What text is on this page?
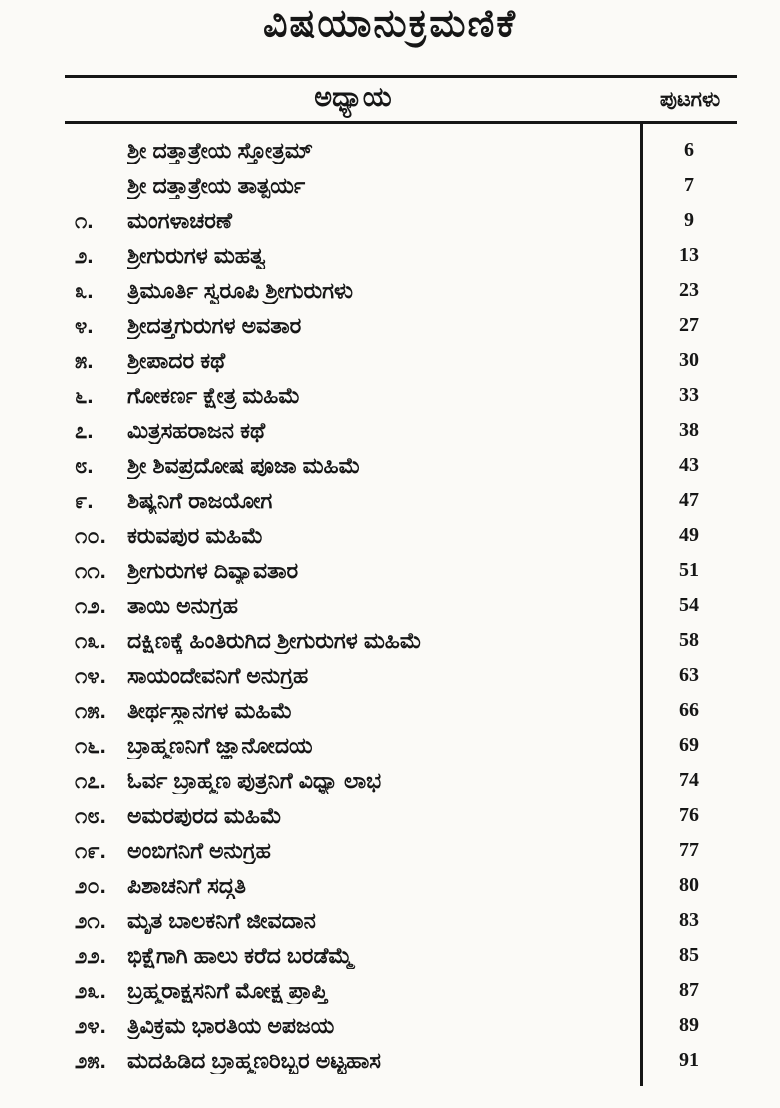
ವಿಷಯಾನುಕ್ರಮಣಿಕೆ
ಅಧ್ಯಾಯ	ಪುಟಗಳು
ಶ್ರೀ ದತ್ತಾತ್ರೇಯ ಸ್ತೋತ್ರಮ್	6
ಶ್ರೀ ದತ್ತಾತ್ರೇಯ ತಾತ್ಪರ್ಯ	7
೧.	ಮಂಗಳಾಚರಣೆ	9
೨.	ಶ್ರೀಗುರುಗಳ ಮಹತ್ವ	13
೩.	ತ್ರಿಮೂರ್ತಿ ಸ್ವರೂಪಿ ಶ್ರೀಗುರುಗಳು	23
೪.	ಶ್ರೀದತ್ತಗುರುಗಳ ಅವತಾರ	27
೫.	ಶ್ರೀಪಾದರ ಕಥೆ	30
೬.	ಗೋಕರ್ಣ ಕ್ಷೇತ್ರ ಮಹಿಮೆ	33
೭.	ಮಿತ್ರಸಹರಾಜನ ಕಥೆ	38
೮.	ಶ್ರೀ ಶಿವಪ್ರದೋಷ ಪೂಜಾ ಮಹಿಮೆ	43
೯.	ಶಿಷ್ಯನಿಗೆ ರಾಜಯೋಗ	47
೧೦. ಕರುವಪುರ ಮಹಿಮೆ	49
೧೧. ಶ್ರೀಗುರುಗಳ ದಿವ್ಯಾವತಾರ	51
೧೨. ತಾಯಿ ಅನುಗ್ರಹ	54
೧೩. ದಕ್ಷಿಣಕ್ಕೆ ಹಿಂತಿರುಗಿದ ಶ್ರೀಗುರುಗಳ ಮಹಿಮೆ	58
೧೪. ಸಾಯಂದೇವನಿಗೆ ಅನುಗ್ರಹ	63
೧೫. ತೀರ್ಥಸ್ಥಾನಗಳ ಮಹಿಮೆ	66
೧೬. ಬ್ರಾಹ್ಮಣನಿಗೆ ಜ್ಞಾನೋದಯ	69
೧೭. ಓರ್ವ ಬ್ರಾಹ್ಮಣ ಪುತ್ರನಿಗೆ ವಿಧ್ಯಾ ಲಾಭ	74
೧೮. ಅಮರಪುರದ ಮಹಿಮೆ	76
೧೯. ಅಂಬಿಗನಿಗೆ ಅನುಗ್ರಹ	77
೨೦. ಪಿಶಾಚನಿಗೆ ಸದ್ಗತಿ	80
೨೧. ಮೃತ ಬಾಲಕನಿಗೆ ಜೀವದಾನ	83
೨೨. ಭಿಕ್ಷೆಗಾಗಿ ಹಾಲು ಕರೆದ ಬರಡೆಮ್ಮೆ	85
೨೩. ಬ್ರಹ್ಮರಾಕ್ಷಸನಿಗೆ ಮೋಕ್ಷ ಪ್ರಾಪ್ತಿ	87
೨೪. ತ್ರಿವಿಕ್ರಮ ಭಾರತಿಯ ಅಪಜಯ	89
೨೫. ಮದಹಿಡಿದ ಬ್ರಾಹ್ಮಣರಿಬ್ಬರ ಅಟ್ಟಹಾಸ	91
